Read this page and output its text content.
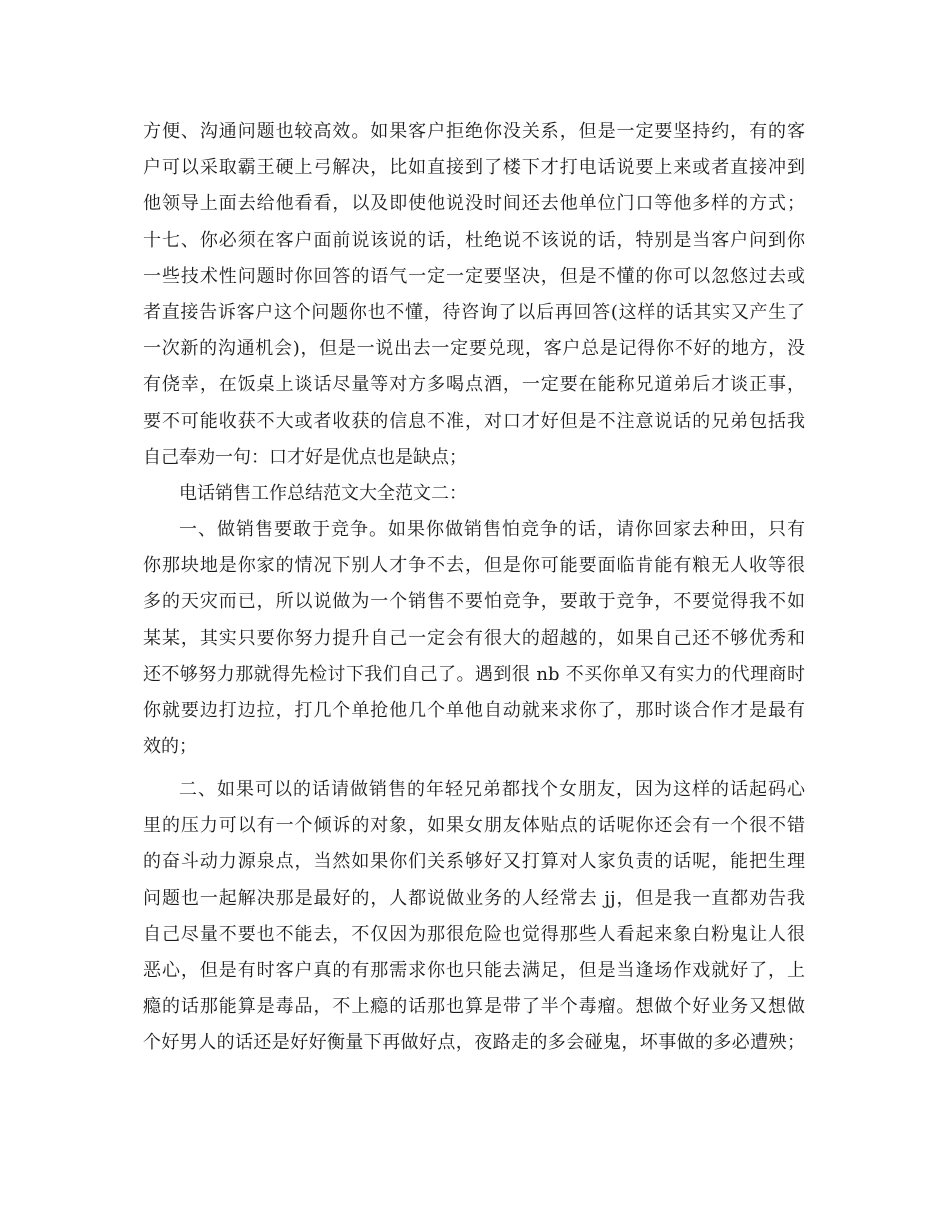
方便、沟通问题也较高效。如果客户拒绝你没关系，但是一定要坚持约，有的客
户可以采取霸王硬上弓解决，比如直接到了楼下才打电话说要上来或者直接冲到
他领导上面去给他看看，以及即使他说没时间还去他单位门口等他多样的方式；
十七、你必须在客户面前说该说的话，杜绝说不该说的话，特别是当客户问到你
一些技术性问题时你回答的语气一定一定要坚决，但是不懂的你可以忽悠过去或
者直接告诉客户这个问题你也不懂，待咨询了以后再回答(这样的话其实又产生了
一次新的沟通机会)，但是一说出去一定要兑现，客户总是记得你不好的地方，没
有侥幸，在饭桌上谈话尽量等对方多喝点酒，一定要在能称兄道弟后才谈正事，
要不可能收获不大或者收获的信息不准，对口才好但是不注意说话的兄弟包括我
自己奉劝一句：口才好是优点也是缺点；
电话销售工作总结范文大全范文二：
一、做销售要敢于竞争。如果你做销售怕竞争的话，请你回家去种田，只有
你那块地是你家的情况下别人才争不去，但是你可能要面临肯能有粮无人收等很
多的天灾而已，所以说做为一个销售不要怕竞争，要敢于竞争，不要觉得我不如
某某，其实只要你努力提升自己一定会有很大的超越的，如果自己还不够优秀和
还不够努力那就得先检讨下我们自己了。遇到很 nb 不买你单又有实力的代理商时
你就要边打边拉，打几个单抢他几个单他自动就来求你了，那时谈合作才是最有
效的；
二、如果可以的话请做销售的年轻兄弟都找个女朋友，因为这样的话起码心
里的压力可以有一个倾诉的对象，如果女朋友体贴点的话呢你还会有一个很不错
的奋斗动力源泉点，当然如果你们关系够好又打算对人家负责的话呢，能把生理
问题也一起解决那是最好的，人都说做业务的人经常去 jj，但是我一直都劝告我
自己尽量不要也不能去，不仅因为那很危险也觉得那些人看起来象白粉鬼让人很
恶心，但是有时客户真的有那需求你也只能去满足，但是当逢场作戏就好了，上
瘾的话那能算是毒品，不上瘾的话那也算是带了半个毒瘤。想做个好业务又想做
个好男人的话还是好好衡量下再做好点，夜路走的多会碰鬼，坏事做的多必遭殃；
